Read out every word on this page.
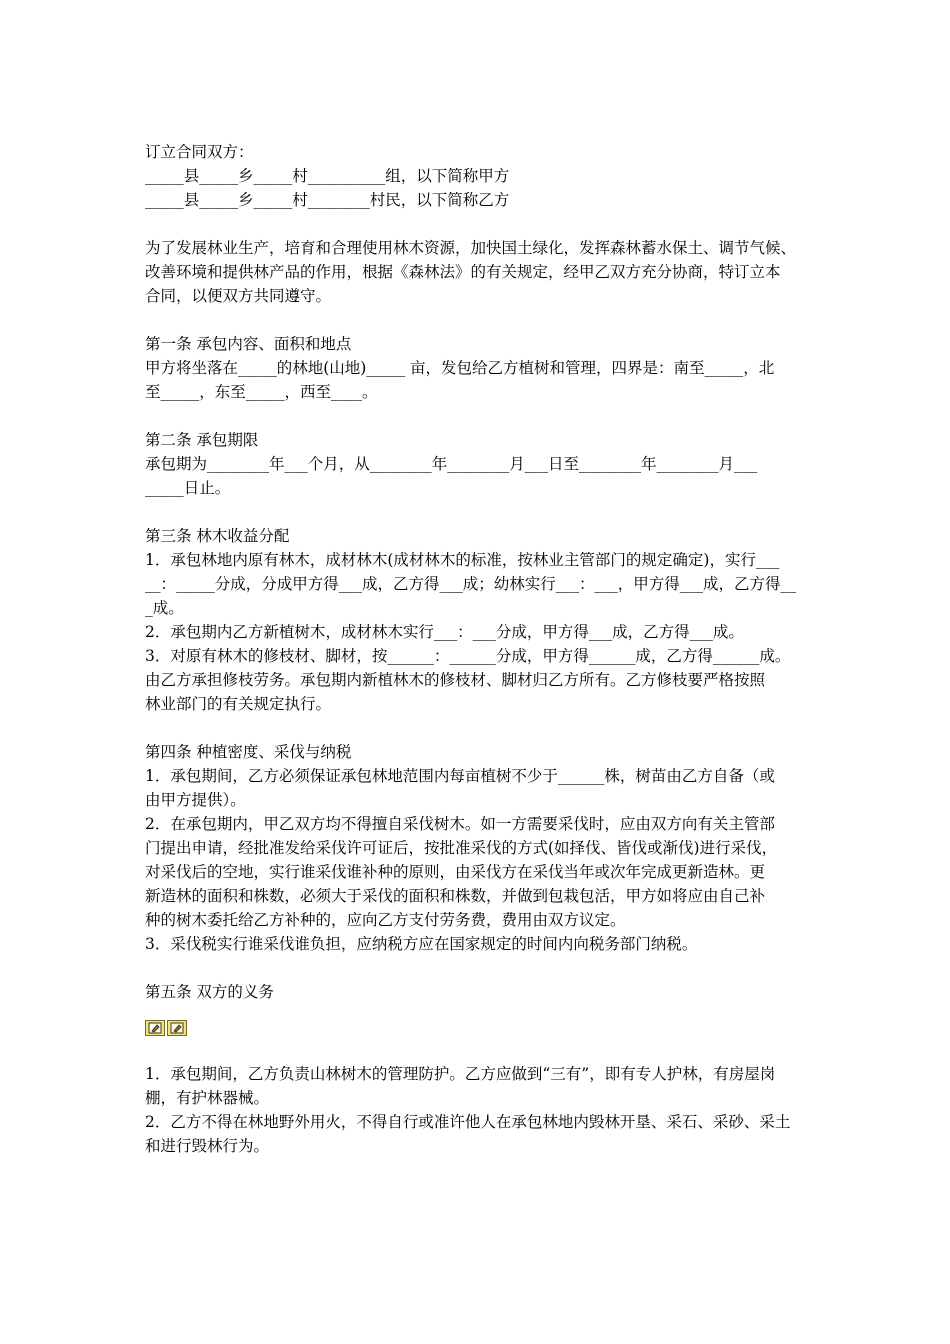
订立合同双方：
_____县_____乡_____村__________组，以下简称甲方
_____县_____乡_____村________村民，以下简称乙方
为了发展林业生产，培育和合理使用林木资源，加快国土绿化，发挥森林蓄水保土、调节气候、
改善环境和提供林产品的作用，根据《森林法》的有关规定，经甲乙双方充分协商，特订立本
合同，以便双方共同遵守。
第一条 承包内容、面积和地点
甲方将坐落在_____的林地(山地)_____ 亩，发包给乙方植树和管理，四界是：南至_____，北
至_____，东至_____，西至____。
第二条 承包期限
承包期为________年___个月，从________年________月___日至________年________月___
_____日止。
第三条 林木收益分配
1．承包林地内原有林木，成材林木(成材林木的标准，按林业主管部门的规定确定)，实行___
__：_____分成，分成甲方得___成，乙方得___成；幼林实行___：___，甲方得___成，乙方得__
_成。
2．承包期内乙方新植树木，成材林木实行___：___分成，甲方得___成，乙方得___成。
3．对原有林木的修枝材、脚材，按______：______分成，甲方得______成，乙方得______成。
由乙方承担修枝劳务。承包期内新植林木的修枝材、脚材归乙方所有。乙方修枝要严格按照
林业部门的有关规定执行。
第四条 种植密度、采伐与纳税
1．承包期间，乙方必须保证承包林地范围内每亩植树不少于______株，树苗由乙方自备（或
由甲方提供）。
2．在承包期内，甲乙双方均不得擅自采伐树木。如一方需要采伐时，应由双方向有关主管部
门提出申请，经批准发给采伐许可证后，按批准采伐的方式(如择伐、皆伐或渐伐)进行采伐，
对采伐后的空地，实行谁采伐谁补种的原则，由采伐方在采伐当年或次年完成更新造林。更
新造林的面积和株数，必须大于采伐的面积和株数，并做到包栽包活，甲方如将应由自己补
种的树木委托给乙方补种的，应向乙方支付劳务费，费用由双方议定。
3．采伐税实行谁采伐谁负担，应纳税方应在国家规定的时间内向税务部门纳税。
第五条 双方的义务
1．承包期间，乙方负责山林树木的管理防护。乙方应做到“三有”，即有专人护林，有房屋岗
棚，有护林器械。
2．乙方不得在林地野外用火，不得自行或准许他人在承包林地内毁林开垦、采石、采砂、采土
和进行毁林行为。
